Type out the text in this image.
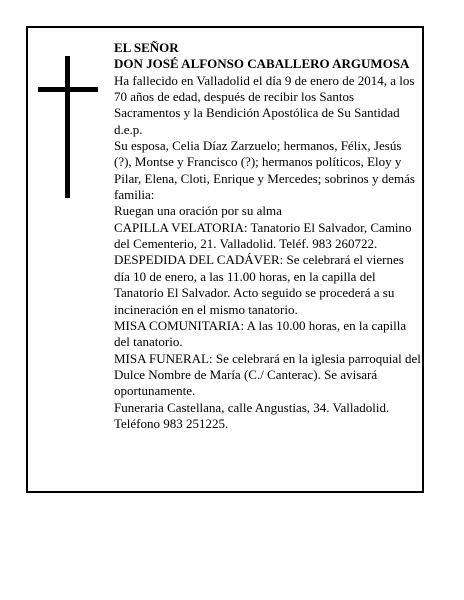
EL SEÑOR

DON JOSÉ ALFONSO CABALLERO ARGUMOSA

Ha fallecido en Valladolid el día 9 de enero de 2014, a los 70 años de edad, después de recibir los Santos Sacramentos y la Bendición Apostólica de Su Santidad d.e.p.

Su esposa, Celia Díaz Zarzuelo; hermanos, Félix, Jesús (?), Montse y Francisco (?); hermanos políticos, Eloy y Pilar, Elena, Cloti, Enrique y Mercedes; sobrinos y demás familia:

Ruegan una oración por su alma

CAPILLA VELATORIA: Tanatorio El Salvador, Camino del Cementerio, 21. Valladolid. Teléf. 983 260722.

DESPEDIDA DEL CADÁVER: Se celebrará el viernes día 10 de enero, a las 11.00 horas, en la capilla del Tanatorio El Salvador. Acto seguido se procederá a su incineración en el mismo tanatorio.

MISA COMUNITARIA: A las 10.00 horas, en la capilla del tanatorio.

MISA FUNERAL: Se celebrará en la iglesia parroquial del Dulce Nombre de María (C./ Canterac). Se avisará oportunamente.

Funeraria Castellana, calle Angustias, 34. Valladolid. Teléfono 983 251225.
